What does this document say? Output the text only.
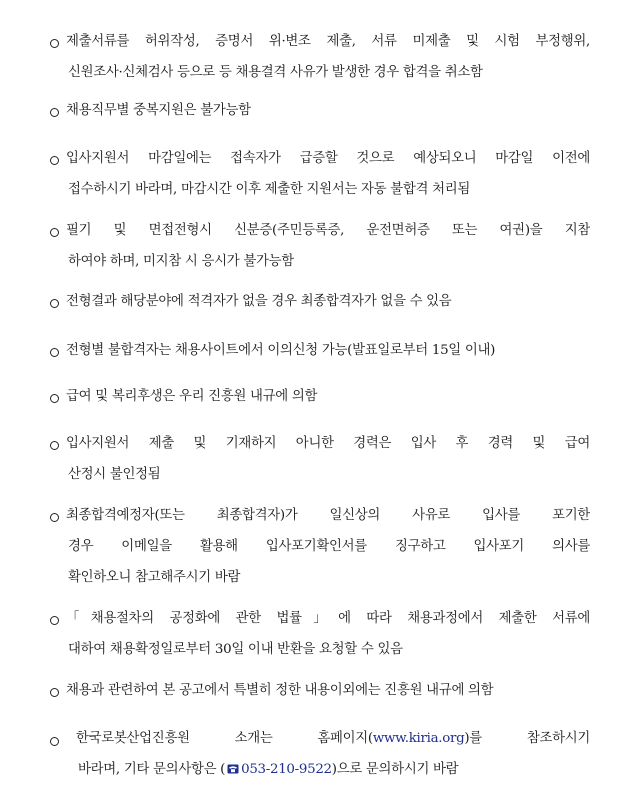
제출서류를 허위작성, 증명서 위·변조 제출, 서류 미제출 및 시험 부정행위,
신원조사·신체검사 등으로 등 채용결격 사유가 발생한 경우 합격을 취소함
채용직무별 중복지원은 불가능함
입사지원서 마감일에는 접속자가 급증할 것으로 예상되오니 마감일 이전에
접수하시기 바라며, 마감시간 이후 제출한 지원서는 자동 불합격 처리됨
필기 및 면접전형시 신분증(주민등록증, 운전면허증 또는 여권)을 지참
하여야 하며, 미지참 시 응시가 불가능함
전형결과 해당분야에 적격자가 없을 경우 최종합격자가 없을 수 있음
전형별 불합격자는 채용사이트에서 이의신청 가능(발표일로부터 15일 이내)
급여 및 복리후생은 우리 진흥원 내규에 의함
입사지원서 제출 및 기재하지 아니한 경력은 입사 후 경력 및 급여
산정시 불인정됨
최종합격예정자(또는 최종합격자)가 일신상의 사유로 입사를 포기한
경우 이메일을 활용해 입사포기확인서를 징구하고 입사포기 의사를
확인하오니 참고해주시기 바람
「채용절차의 공정화에 관한 법률」에 따라 채용과정에서 제출한 서류에
대하여 채용확정일로부터 30일 이내 반환을 요청할 수 있음
채용과 관련하여 본 공고에서 특별히 정한 내용이외에는 진흥원 내규에 의함
한국로봇산업진흥원 소개는 홈페이지(www.kiria.org)를 참조하시기
바라며, 기타 문의사항은 ( 053-210-9522)으로 문의하시기 바람
